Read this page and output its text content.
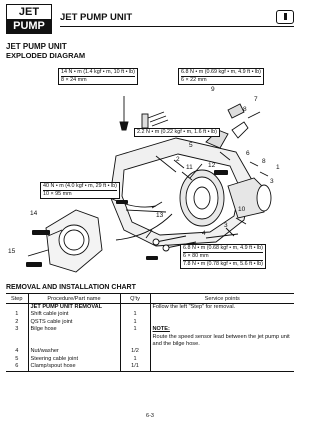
JET
PUMP
JET PUMP UNIT
JET PUMP UNIT
EXPLODED DIAGRAM
14 N • m (1.4 kgf • m, 10 ft • lb)
8 × 24 mm
6.8 N • m (0.69 kgf • m, 4.9 ft • lb)
6 × 22 mm
2.2 N • m (0.22 kgf • m, 1.6 ft • lb)
40 N • m (4.0 kgf • m, 29 ft • lb)
10 × 95 mm
6.8 N • m (0.68 kgf • m, 4.9 ft • lb)
6 × 80 mm
7.8 N • m (0.78 kgf • m, 5.6 ft • lb)
9
7
8
5
6
8
2
11 12	1
3
10
13
3
4
14
15
REMOVAL AND INSTALLATION CHART
Step	Procedure/Part name	Q'ty	Service points
	JET PUMP UNIT REMOVAL		Follow the left "Step" for removal.
1	Shift cable joint	1	
2	QSTS cable joint	1	
3	Bilge hose	1	NOTE:
			Route the speed sensor lead between the jet pump unit and the bilge hose.

4	Nut/washer	1/2	
5	Steering cable joint	1	
6	Clamp/spout hose	1/1	
6-3
